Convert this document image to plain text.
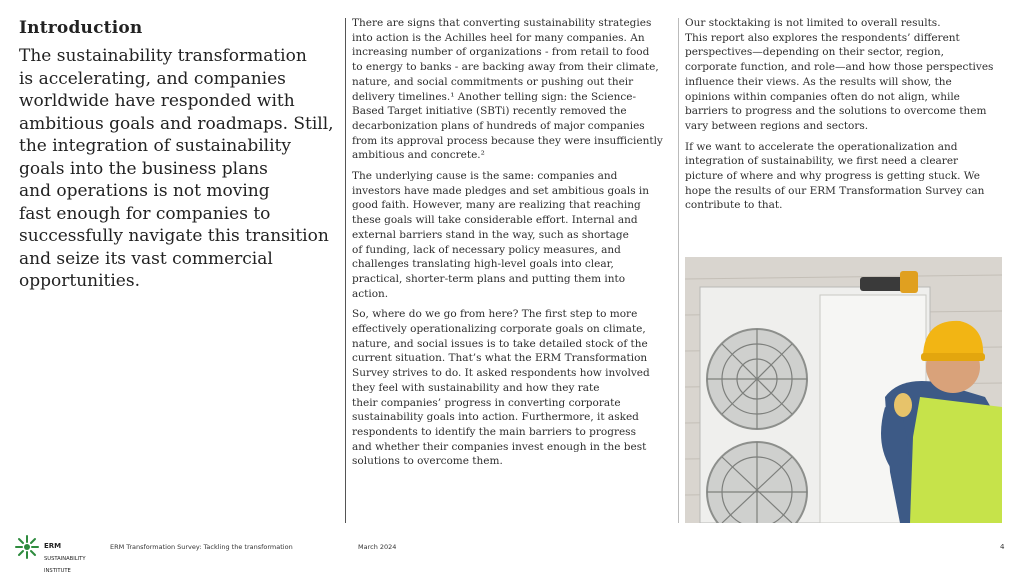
Introduction
The sustainability transformation
is accelerating, and companies
worldwide have responded with
ambitious goals and roadmaps. Still,
the integration of sustainability
goals into the business plans
and operations is not moving
fast enough for companies to
successfully navigate this transition
and seize its vast commercial
opportunities.

There are signs that converting sustainability strategies
into action is the Achilles heel for many companies. An
increasing number of organizations - from retail to food
to energy to banks - are backing away from their climate,
nature, and social commitments or pushing out their
delivery timelines.¹ Another telling sign: the Science-
Based Target initiative (SBTi) recently removed the
decarbonization plans of hundreds of major companies
from its approval process because they were insufficiently
ambitious and concrete.²

The underlying cause is the same: companies and
investors have made pledges and set ambitious goals in
good faith. However, many are realizing that reaching
these goals will take considerable effort. Internal and
external barriers stand in the way, such as shortage
of funding, lack of necessary policy measures, and
challenges translating high-level goals into clear,
practical, shorter-term plans and putting them into
action.

So, where do we go from here? The first step to more
effectively operationalizing corporate goals on climate,
nature, and social issues is to take detailed stock of the
current situation. That’s what the ERM Transformation
Survey strives to do. It asked respondents how involved
they feel with sustainability and how they rate
their companies’ progress in converting corporate
sustainability goals into action. Furthermore, it asked
respondents to identify the main barriers to progress
and whether their companies invest enough in the best
solutions to overcome them.

Our stocktaking is not limited to overall results.
This report also explores the respondents’ different
perspectives—depending on their sector, region,
corporate function, and role—and how those perspectives
influence their views. As the results will show, the
opinions within companies often do not align, while
barriers to progress and the solutions to overcome them
vary between regions and sectors.

If we want to accelerate the operationalization and
integration of sustainability, we first need a clearer
picture of where and why progress is getting stuck. We
hope the results of our ERM Transformation Survey can
contribute to that.

ERM

SUSTAINABILITY

INSTITUTE

ERM Transformation Survey: Tackling the transformation	March 2024	4
